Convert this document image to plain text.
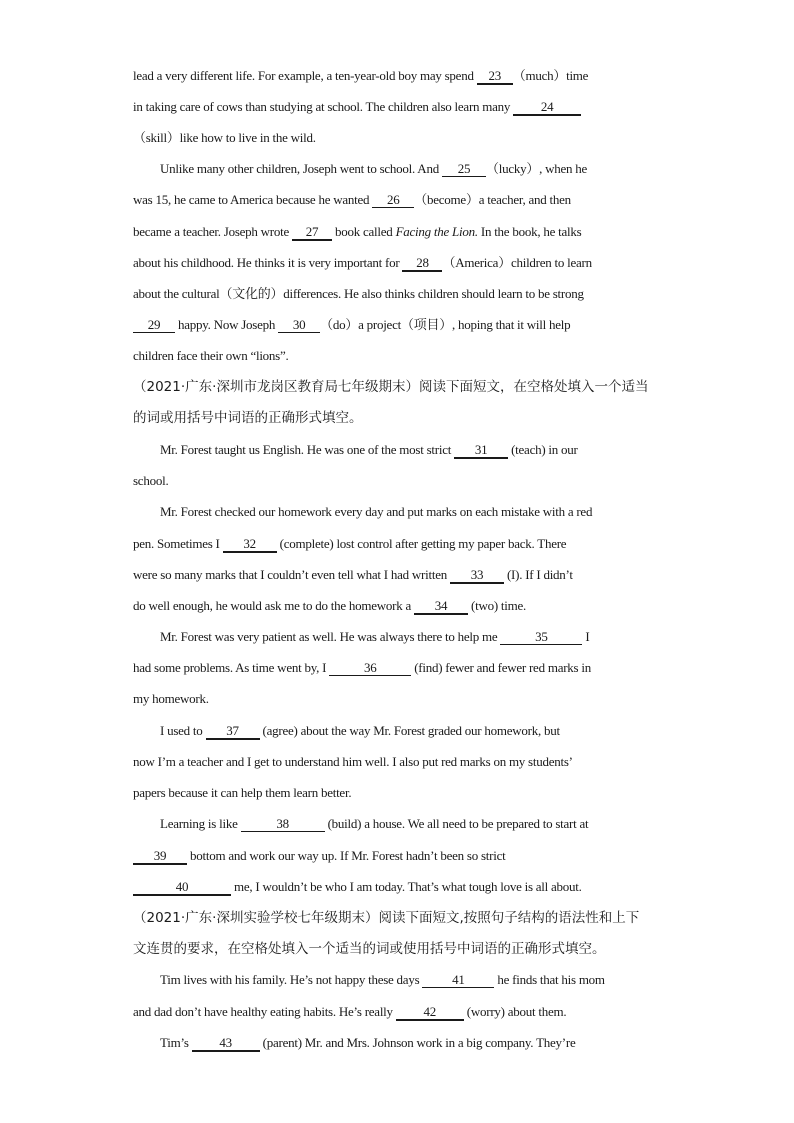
lead a very different life. For example, a ten-year-old boy may spend 23 （much）time
in taking care of cows than studying at school. The children also learn many 24
（skill）like how to live in the wild.
Unlike many other children, Joseph went to school. And 25 （lucky）, when he
was 15, he came to America because he wanted 26 （become）a teacher, and then
became a teacher. Joseph wrote 27 book called Facing the Lion. In the book, he talks
about his childhood. He thinks it is very important for 28 （America）children to learn
about the cultural（文化的）differences. He also thinks children should learn to be strong
29 happy. Now Joseph 30 （do）a project（项目）, hoping that it will help
children face their own “lions”.
（2021·广东·深圳市龙岗区教育局七年级期末）阅读下面短文，在空格处填入一个适当
的词或用括号中词语的正确形式填空。
Mr. Forest taught us English. He was one of the most strict 31 (teach) in our
school.
Mr. Forest checked our homework every day and put marks on each mistake with a red
pen. Sometimes I 32 (complete) lost control after getting my paper back. There
were so many marks that I couldn’t even tell what I had written 33 (I). If I didn’t
do well enough, he would ask me to do the homework a 34 (two) time.
Mr. Forest was very patient as well. He was always there to help me	35	I
had some problems. As time went by, I	36	(find) fewer and fewer red marks in
my homework.
I used to 37 (agree) about the way Mr. Forest graded our homework, but
now I’m a teacher and I get to understand him well. I also put red marks on my students’
papers because it can help them learn better.
Learning is like	38	(build) a house. We all need to be prepared to start at
39 bottom and work our way up. If Mr. Forest hadn’t been so strict
40	me, I wouldn’t be who I am today. That’s what tough love is all about.
（2021·广东·深圳实验学校七年级期末）阅读下面短文,按照句子结构的语法性和上下
文连贯的要求，在空格处填入一个适当的词或使用括号中词语的正确形式填空。
Tim lives with his family. He’s not happy these days 41 he finds that his mom
and dad don’t have healthy eating habits. He’s really 42 (worry) about them.
Tim’s 43 (parent) Mr. and Mrs. Johnson work in a big company. They’re
